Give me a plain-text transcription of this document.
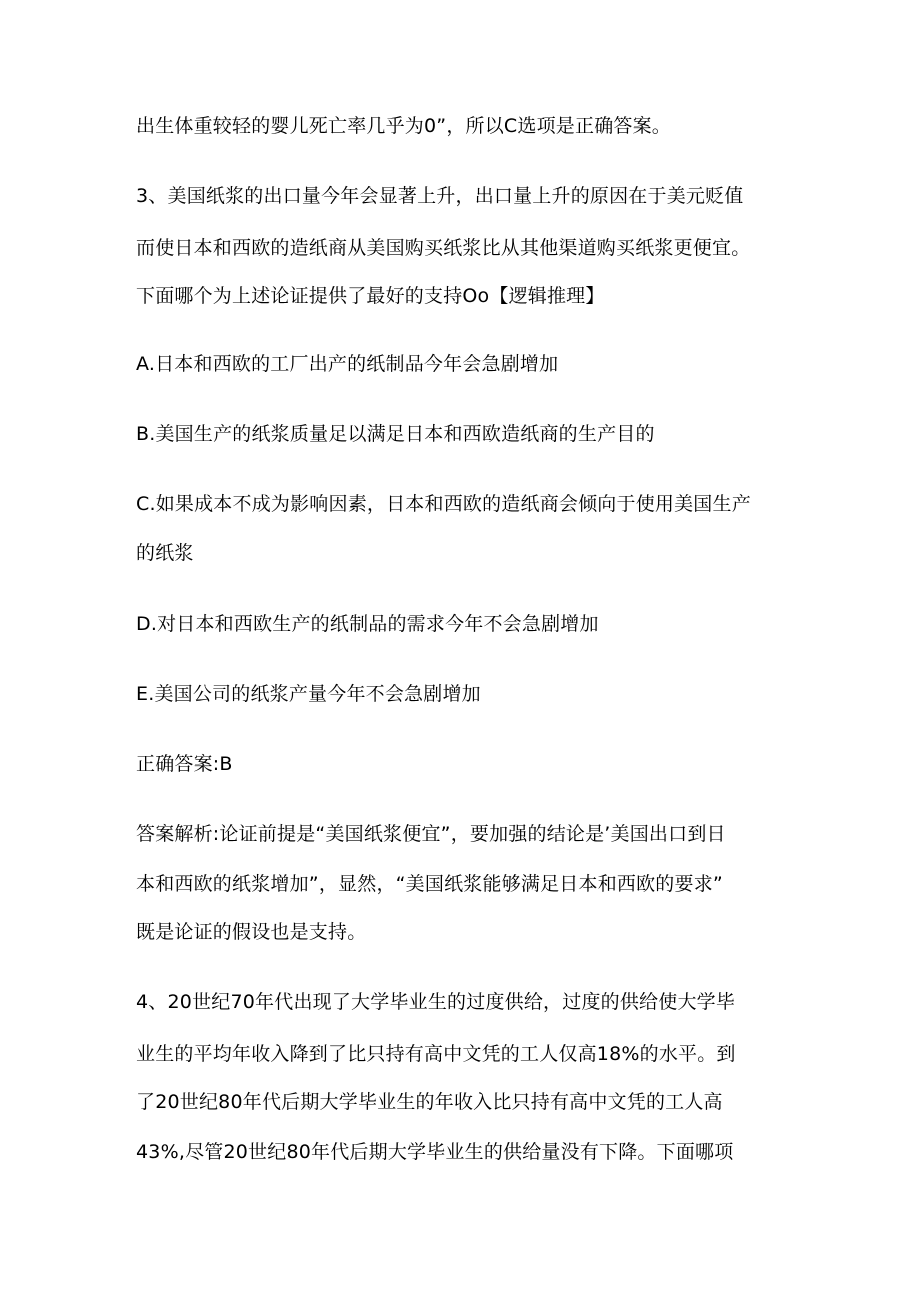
出生体重较轻的婴儿死亡率几乎为0”，所以C选项是正确答案。
3、美国纸浆的出口量今年会显著上升，出口量上升的原因在于美元贬值
而使日本和西欧的造纸商从美国购买纸浆比从其他渠道购买纸浆更便宜。
下面哪个为上述论证提供了最好的支持Oo【逻辑推理】
A.日本和西欧的工厂出产的纸制品今年会急剧增加
B.美国生产的纸浆质量足以满足日本和西欧造纸商的生产目的
C.如果成本不成为影响因素，日本和西欧的造纸商会倾向于使用美国生产
的纸浆
D.对日本和西欧生产的纸制品的需求今年不会急剧增加
E.美国公司的纸浆产量今年不会急剧增加
正确答案:B
答案解析:论证前提是“美国纸浆便宜”，要加强的结论是’美国出口到日
本和西欧的纸浆增加”，显然，“美国纸浆能够满足日本和西欧的要求”
既是论证的假设也是支持。
4、20世纪70年代出现了大学毕业生的过度供给，过度的供给使大学毕
业生的平均年收入降到了比只持有高中文凭的工人仅高18%的水平。到
了20世纪80年代后期大学毕业生的年收入比只持有高中文凭的工人高
43%,尽管20世纪80年代后期大学毕业生的供给量没有下降。下面哪项
